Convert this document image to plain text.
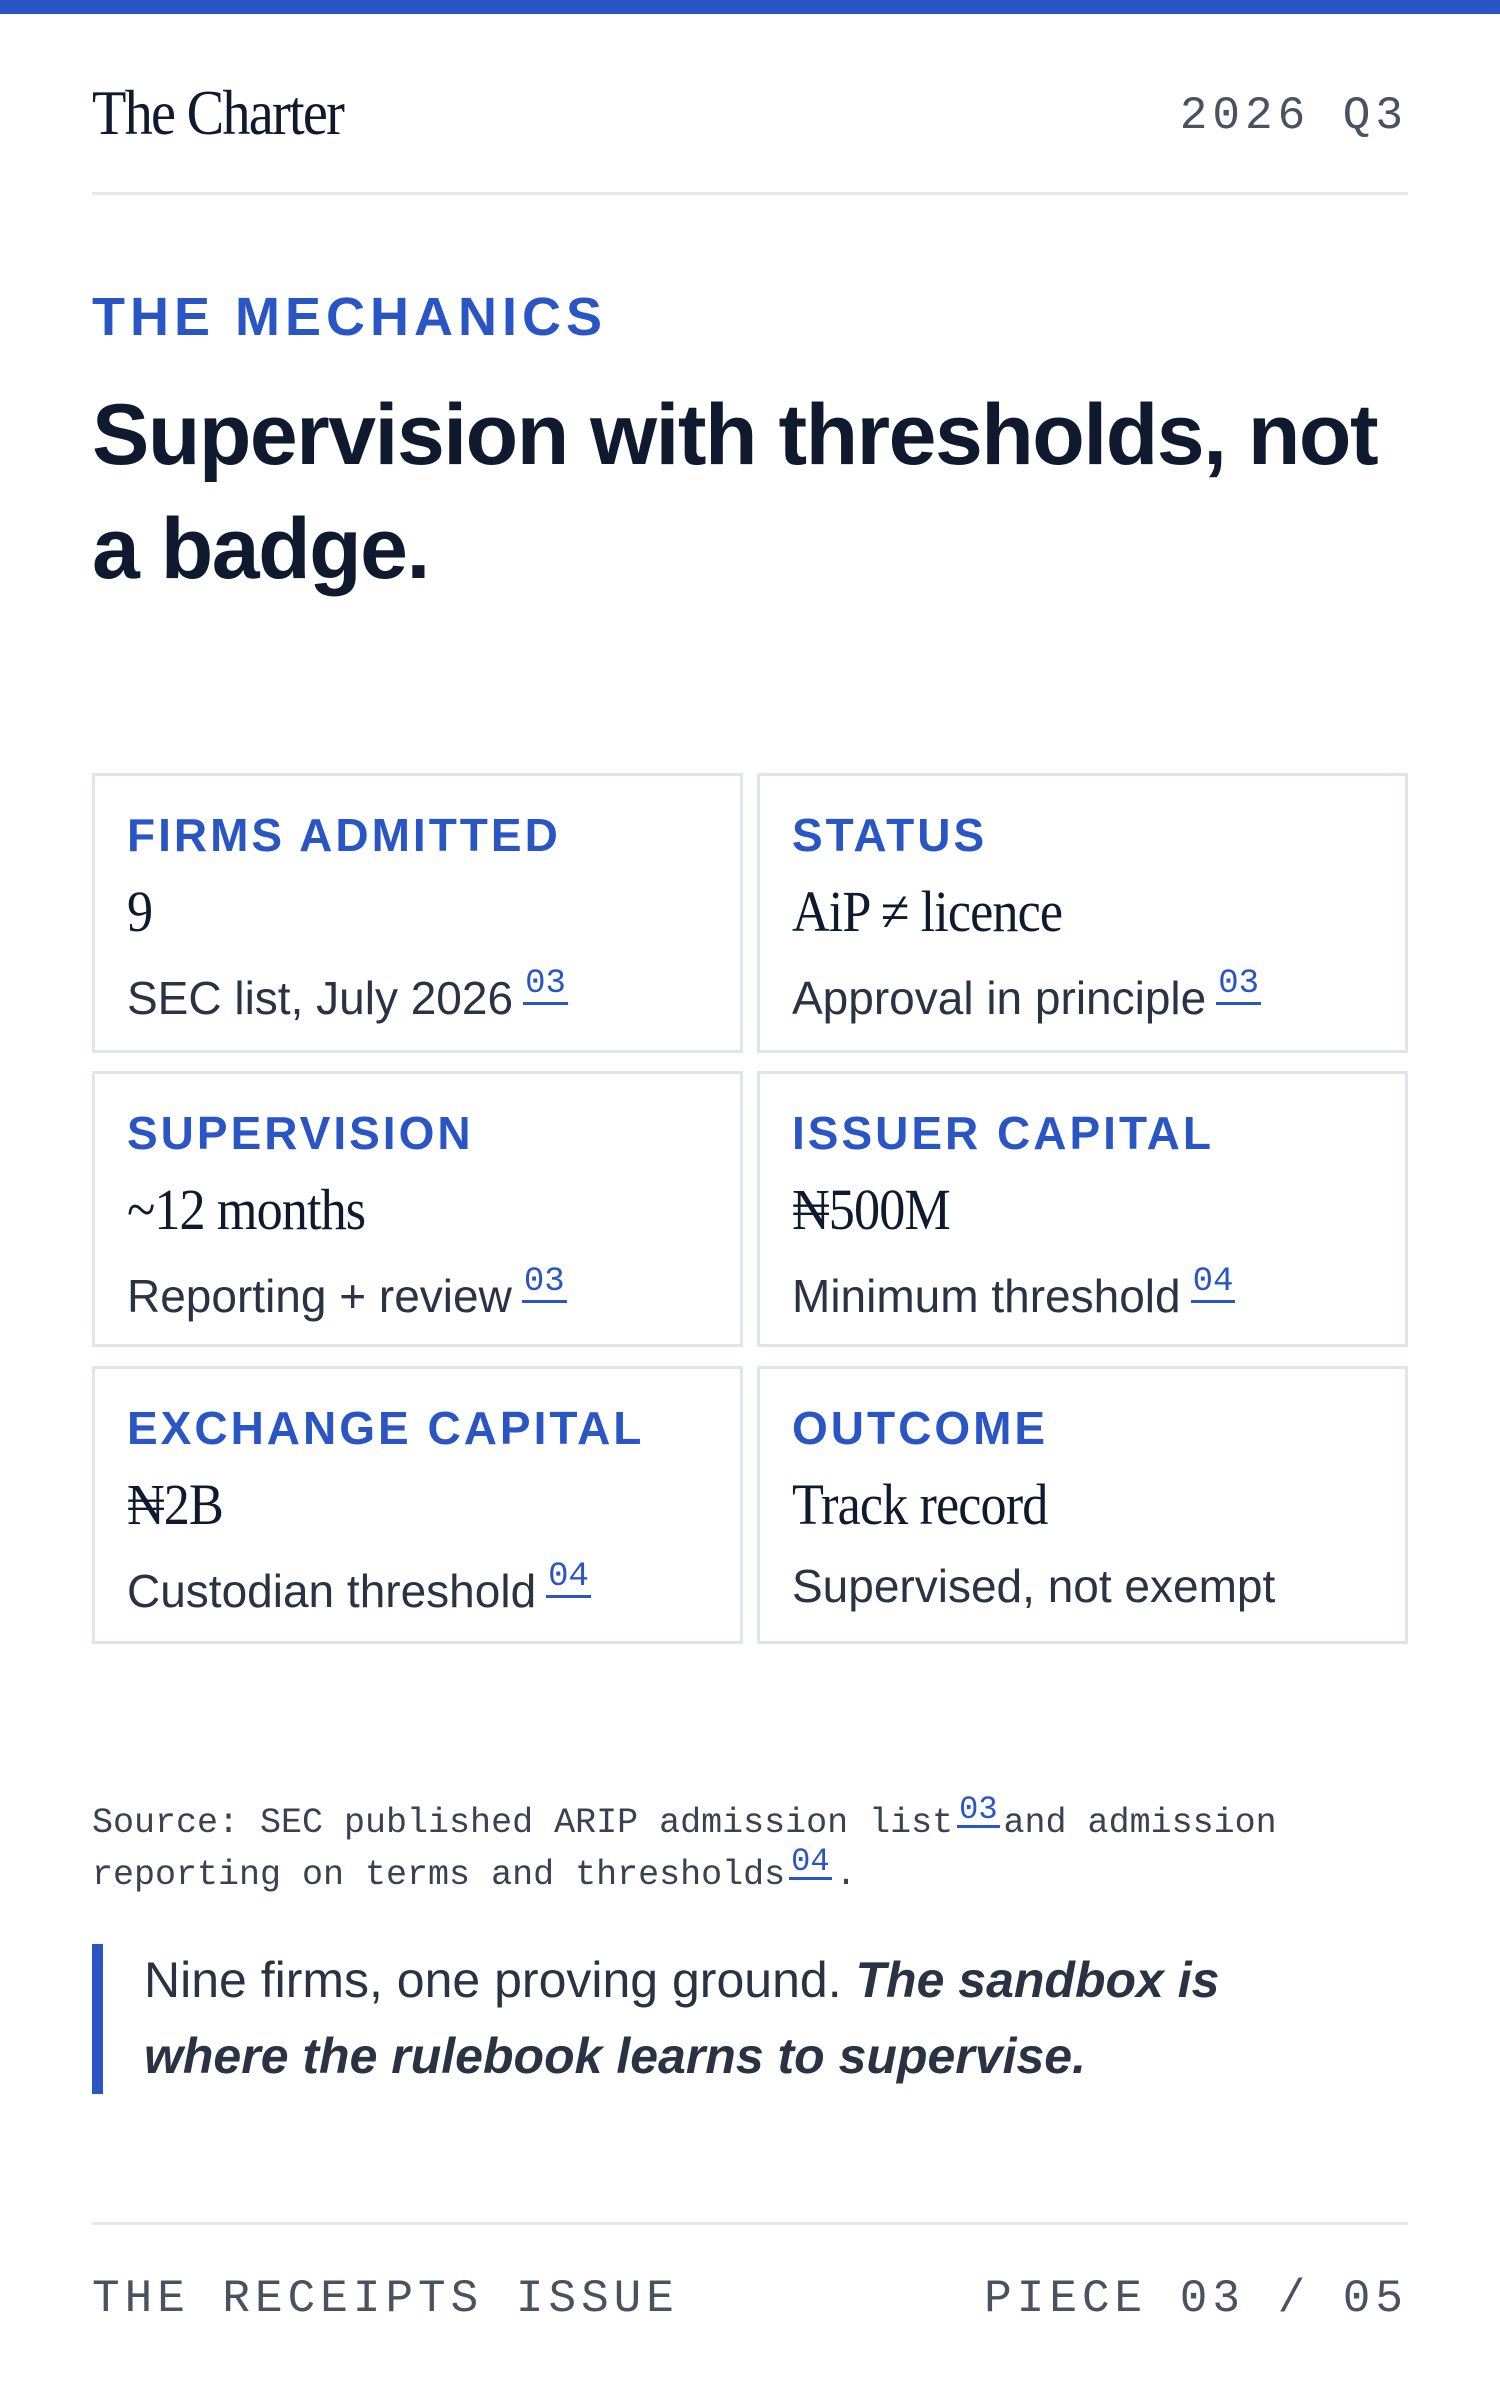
The Charter	2026 Q3
THE MECHANICS
Supervision with thresholds, not a badge.
FIRMS ADMITTED
9
SEC list, July 2026 03
STATUS
AiP ≠ licence
Approval in principle 03
SUPERVISION
~12 months
Reporting + review 03
ISSUER CAPITAL
₦500M
Minimum threshold 04
EXCHANGE CAPITAL
₦2B
Custodian threshold 04
OUTCOME
Track record
Supervised, not exempt
Source: SEC published ARIP admission list 03 and admission reporting on terms and thresholds 04 .
Nine firms, one proving ground. The sandbox is where the rulebook learns to supervise.
THE RECEIPTS ISSUE	PIECE 03 / 05
